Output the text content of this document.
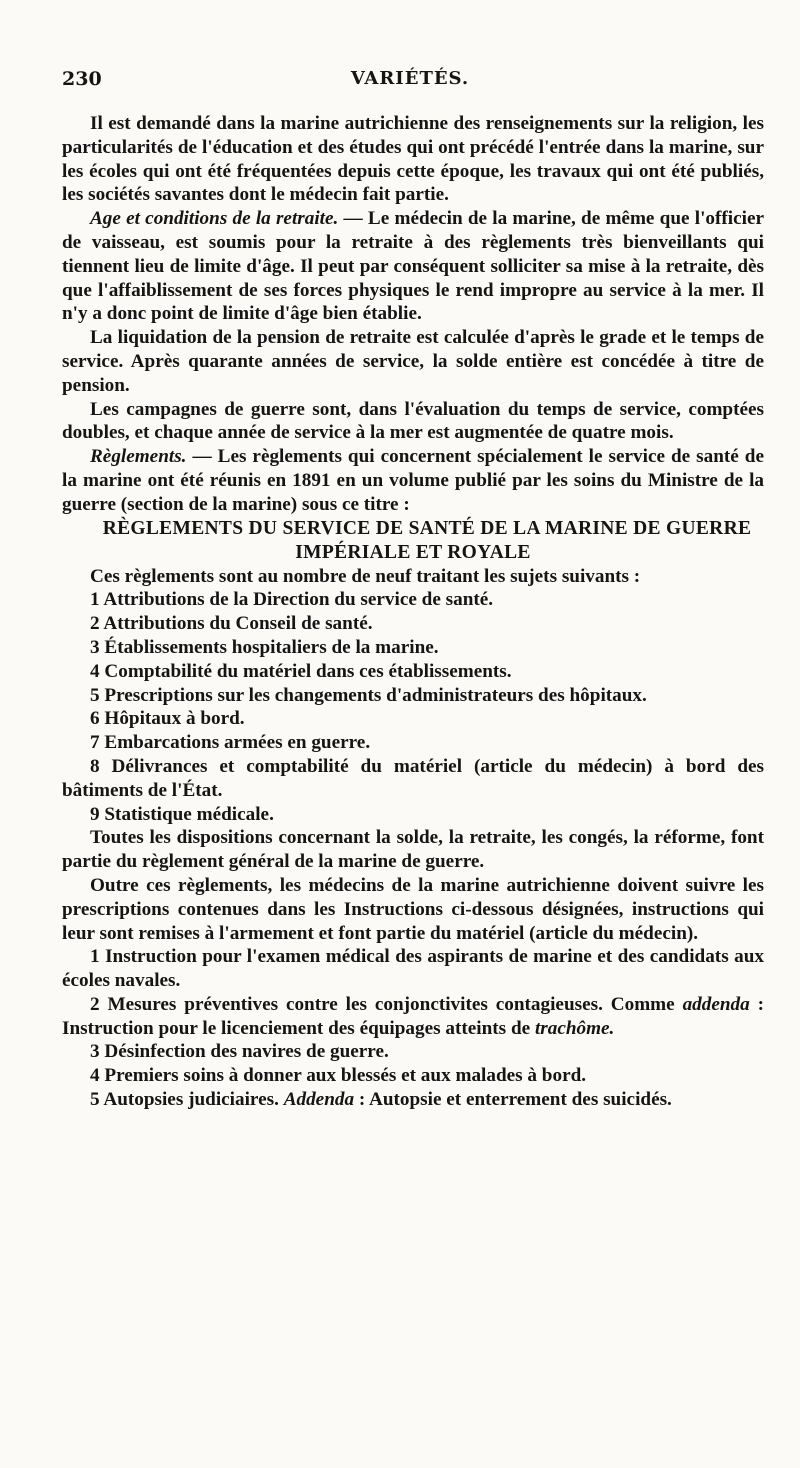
230	VARIÉTÉS.

Il est demandé dans la marine autrichienne des renseignements sur la religion, les particularités de l'éducation et des études qui ont précédé l'entrée dans la marine, sur les écoles qui ont été fréquentées depuis cette époque, les travaux qui ont été publiés, les sociétés savantes dont le médecin fait partie.

Age et conditions de la retraite. — Le médecin de la marine, de même que l'officier de vaisseau, est soumis pour la retraite à des règlements très bienveillants qui tiennent lieu de limite d'âge. Il peut par conséquent solliciter sa mise à la retraite, dès que l'affaiblissement de ses forces physiques le rend impropre au service à la mer. Il n'y a donc point de limite d'âge bien établie.

La liquidation de la pension de retraite est calculée d'après le grade et le temps de service. Après quarante années de service, la solde entière est concédée à titre de pension.

Les campagnes de guerre sont, dans l'évaluation du temps de service, comptées doubles, et chaque année de service à la mer est augmentée de quatre mois.

Règlements. — Les règlements qui concernent spécialement le service de santé de la marine ont été réunis en 1891 en un volume publié par les soins du Ministre de la guerre (section de la marine) sous ce titre :

RÈGLEMENTS DU SERVICE DE SANTÉ DE LA MARINE DE GUERRE IMPÉRIALE ET ROYALE

Ces règlements sont au nombre de neuf traitant les sujets suivants :

1 Attributions de la Direction du service de santé.

2 Attributions du Conseil de santé.

3 Établissements hospitaliers de la marine.

4 Comptabilité du matériel dans ces établissements.

5 Prescriptions sur les changements d'administrateurs des hôpitaux.

6 Hôpitaux à bord.

7 Embarcations armées en guerre.

8 Délivrances et comptabilité du matériel (article du médecin) à bord des bâtiments de l'État.

9 Statistique médicale.

Toutes les dispositions concernant la solde, la retraite, les congés, la réforme, font partie du règlement général de la marine de guerre.

Outre ces règlements, les médecins de la marine autrichienne doivent suivre les prescriptions contenues dans les Instructions ci-dessous désignées, instructions qui leur sont remises à l'armement et font partie du matériel (article du médecin).

1 Instruction pour l'examen médical des aspirants de marine et des candidats aux écoles navales.

2 Mesures préventives contre les conjonctivites contagieuses. Comme addenda : Instruction pour le licenciement des équipages atteints de trachôme.

3 Désinfection des navires de guerre.

4 Premiers soins à donner aux blessés et aux malades à bord.

5 Autopsies judiciaires. Addenda : Autopsie et enterrement des suicidés.
